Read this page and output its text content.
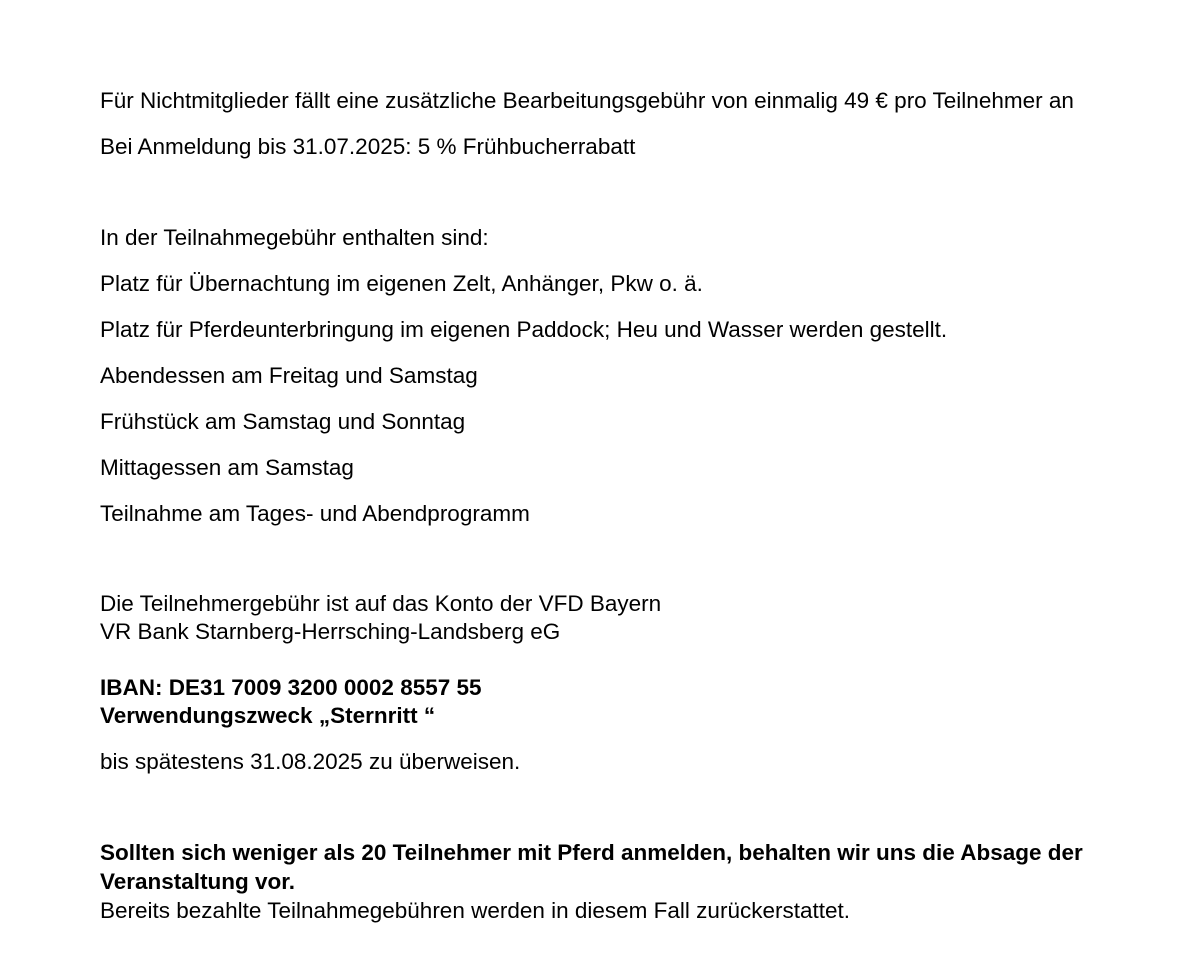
Für Nichtmitglieder fällt eine zusätzliche Bearbeitungsgebühr von einmalig 49 € pro Teilnehmer an

Bei Anmeldung bis 31.07.2025: 5 % Frühbucherrabatt

In der Teilnahmegebühr enthalten sind:

Platz für Übernachtung im eigenen Zelt, Anhänger, Pkw o. ä.

Platz für Pferdeunterbringung im eigenen Paddock; Heu und Wasser werden gestellt.

Abendessen am Freitag und Samstag

Frühstück am Samstag und Sonntag

Mittagessen am Samstag

Teilnahme am Tages- und Abendprogramm

Die Teilnehmergebühr ist auf das Konto der VFD Bayern

VR Bank Starnberg-Herrsching-Landsberg eG

IBAN: DE31 7009 3200 0002 8557 55

Verwendungszweck „Sternritt “

bis spätestens 31.08.2025 zu überweisen.

Sollten sich weniger als 20 Teilnehmer mit Pferd anmelden, behalten wir uns die Absage der Veranstaltung vor.

Bereits bezahlte Teilnahmegebühren werden in diesem Fall zurückerstattet.
